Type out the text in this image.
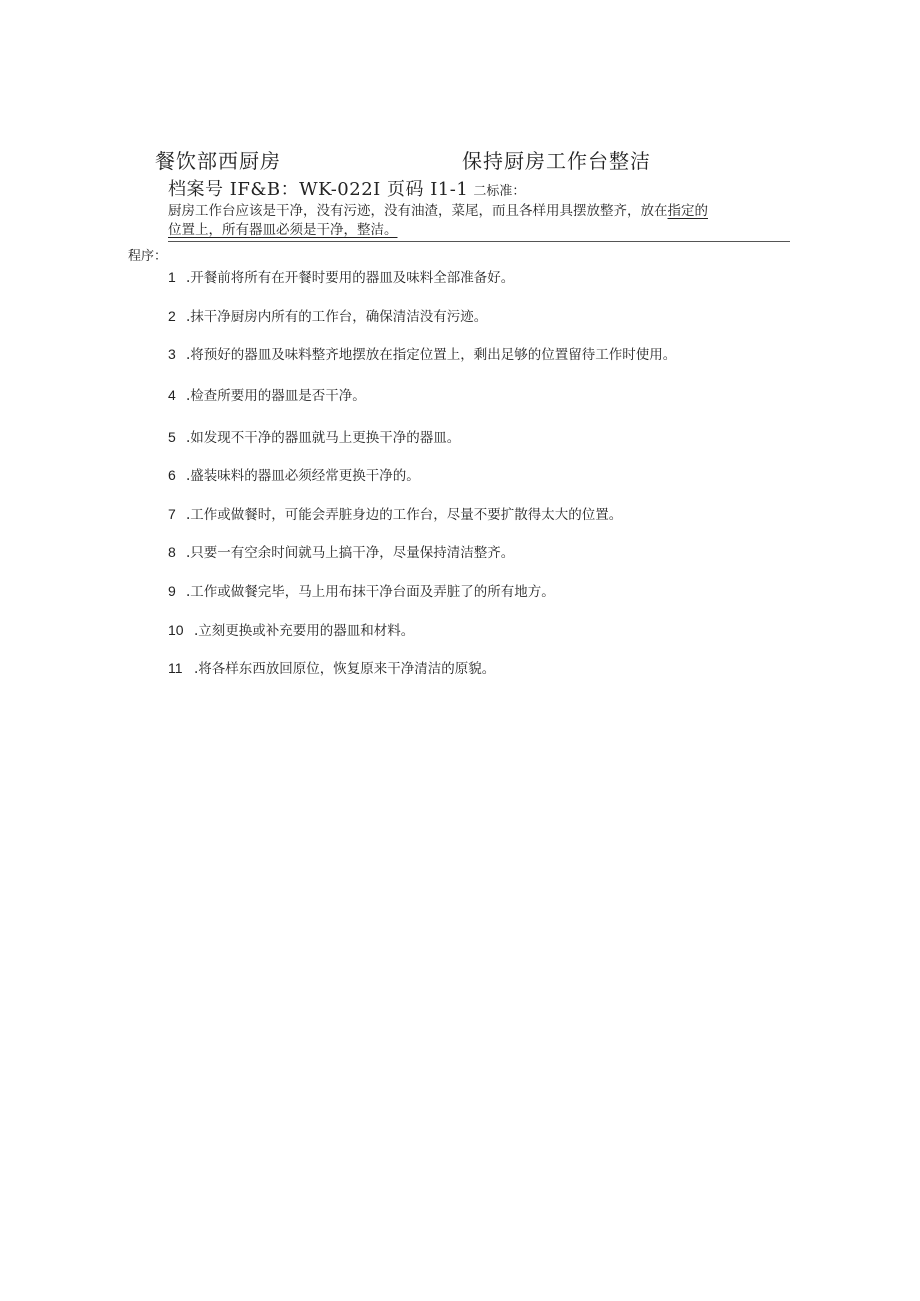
餐饮部西厨房	保持厨房工作台整洁
档案号 IF&B：WK-022I 页码 I1-1 二标准：
厨房工作台应该是干净，没有污迹，没有油渣，菜尾，而且各样用具摆放整齐，放在指定的
位置上，所有器皿必须是干净，整洁。
程序：
1 .开餐前将所有在开餐时要用的器皿及味料全部准备好。
2 .抹干净厨房内所有的工作台，确保清洁没有污迹。
3 .将预好的器皿及味料整齐地摆放在指定位置上，剩出足够的位置留待工作时使用。
4 .检查所要用的器皿是否干净。
5 .如发现不干净的器皿就马上更换干净的器皿。
6 .盛装味料的器皿必须经常更换干净的。
7 .工作或做餐时，可能会弄脏身边的工作台，尽量不要扩散得太大的位置。
8 .只要一有空余时间就马上搞干净，尽量保持清洁整齐。
9 .工作或做餐完毕，马上用布抹干净台面及弄脏了的所有地方。
10 .立刻更换或补充要用的器皿和材料。
11 .将各样东西放回原位，恢复原来干净清洁的原貌。
